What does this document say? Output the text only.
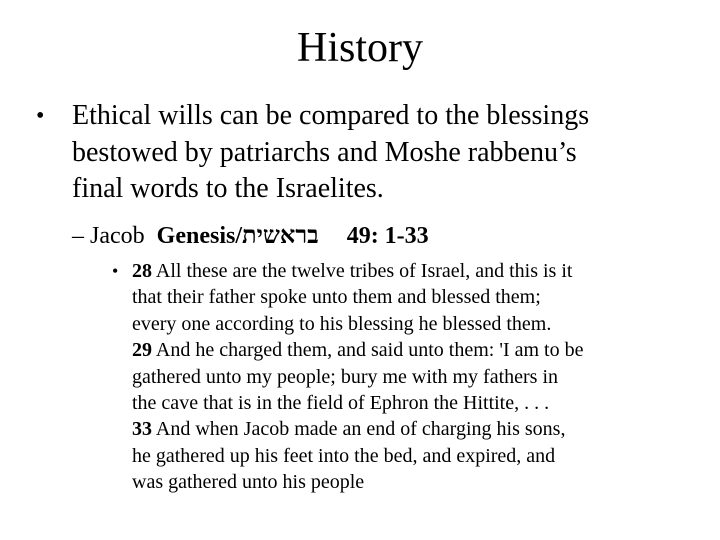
History
• Ethical wills can be compared to the blessings
bestowed by patriarchs and Moshe rabbenu’s
final words to the Israelites.
– Jacob Genesis/בראשית 49: 1-33
• 28 All these are the twelve tribes of Israel, and this is it
that their father spoke unto them and blessed them;
every one according to his blessing he blessed them.
29 And he charged them, and said unto them: 'I am to be
gathered unto my people; bury me with my fathers in
the cave that is in the field of Ephron the Hittite, . . .
33 And when Jacob made an end of charging his sons,
he gathered up his feet into the bed, and expired, and
was gathered unto his people
